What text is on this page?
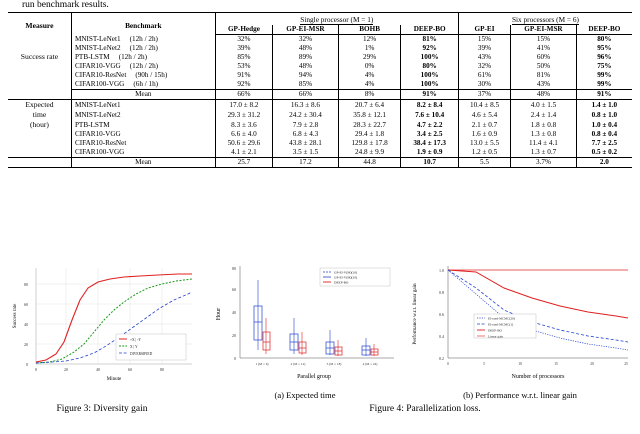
run benchmark results.
Measure	Benchmark	Single processor (M = 1)				Six processors (M = 6)		
		GP-Hedge	GP-EI-MSR	BOHB	DEEP-BO	GP-EI	GP-EI-MSR	DEEP-BO
Success rate	MNIST-LeNet1 (12h / 2h)	32%	32%	12%	81%	15%	15%	80%
	MNIST-LeNet2 (12h / 2h)	39%	48%	1%	92%	39%	41%	95%
	PTB-LSTM (12h / 2h)	85%	89%	29%	100%	43%	60%	96%
	CIFAR10-VGG (12h / 2h)	53%	48%	0%	80%	32%	50%	75%
	CIFAR10-ResNet (90h / 15h)	91%	94%	4%	100%	61%	81%	99%
	CIFAR100-VGG (6h / 1h)	92%	85%	4%	100%	30%	43%	99%
	Mean	66%	66%	8%	91%	37%	48%	91%
Expected	MNIST-LeNet1	17.0 ± 8.2	16.3 ± 8.6	20.7 ± 6.4	8.2 ± 8.4	10.4 ± 8.5	4.0 ± 1.5	1.4 ± 1.0
time	MNIST-LeNet2	29.3 ± 31.2	24.2 ± 30.4	35.8 ± 12.1	7.6 ± 10.4	4.6 ± 5.4	2.4 ± 1.4	0.8 ± 1.0
(hour)	PTB-LSTM	8.3 ± 3.6	7.9 ± 2.8	28.3 ± 22.7	4.7 ± 2.2	2.1 ± 0.7	1.8 ± 0.8	1.0 ± 0.4
	CIFAR10-VGG	6.6 ± 4.0	6.8 ± 4.3	29.4 ± 1.8	3.4 ± 2.5	1.6 ± 0.9	1.3 ± 0.8	0.8 ± 0.4
	CIFAR10-ResNet	50.6 ± 29.6	43.8 ± 28.1	129.8 ± 17.8	38.4 ± 17.3	13.0 ± 5.5	11.4 ± 4.1	7.7 ± 2.5
	CIFAR100-VGG	4.1 ± 2.1	3.5 ± 1.5	24.8 ± 9.9	1.9 ± 0.9	1.2 ± 0.5	1.3 ± 0.7	0.5 ± 0.2
	Mean	25.7	17.2	44.8	10.7	5.5	3.7%	2.0
0
20
40
60
80
0	20	40	60	80
Minute
Success rate
+X | -Y
X | Y
DIVERSIFIED
0
20
40
60
80
1 (M = 6)	2 (M = 12)	3 (M = 18)	4 (M = 24)
Parallel group
Hour
GP-EI-V(M)(10)
GP-EI-V(M)(10)
DEEP-BO
0.2
0.4
0.6
0.8
1.0
0	5	10	15	20	25
Number of processors
Performance w.r.t. linear gain	EI-rand-MCMC(20)
EI-rand-MCMC(1)
DEEP-BO
Linear gain
(a) Expected time	(b) Performance w.r.t. linear gain
Figure 3: Diversity gain	Figure 4: Parallelization loss.
